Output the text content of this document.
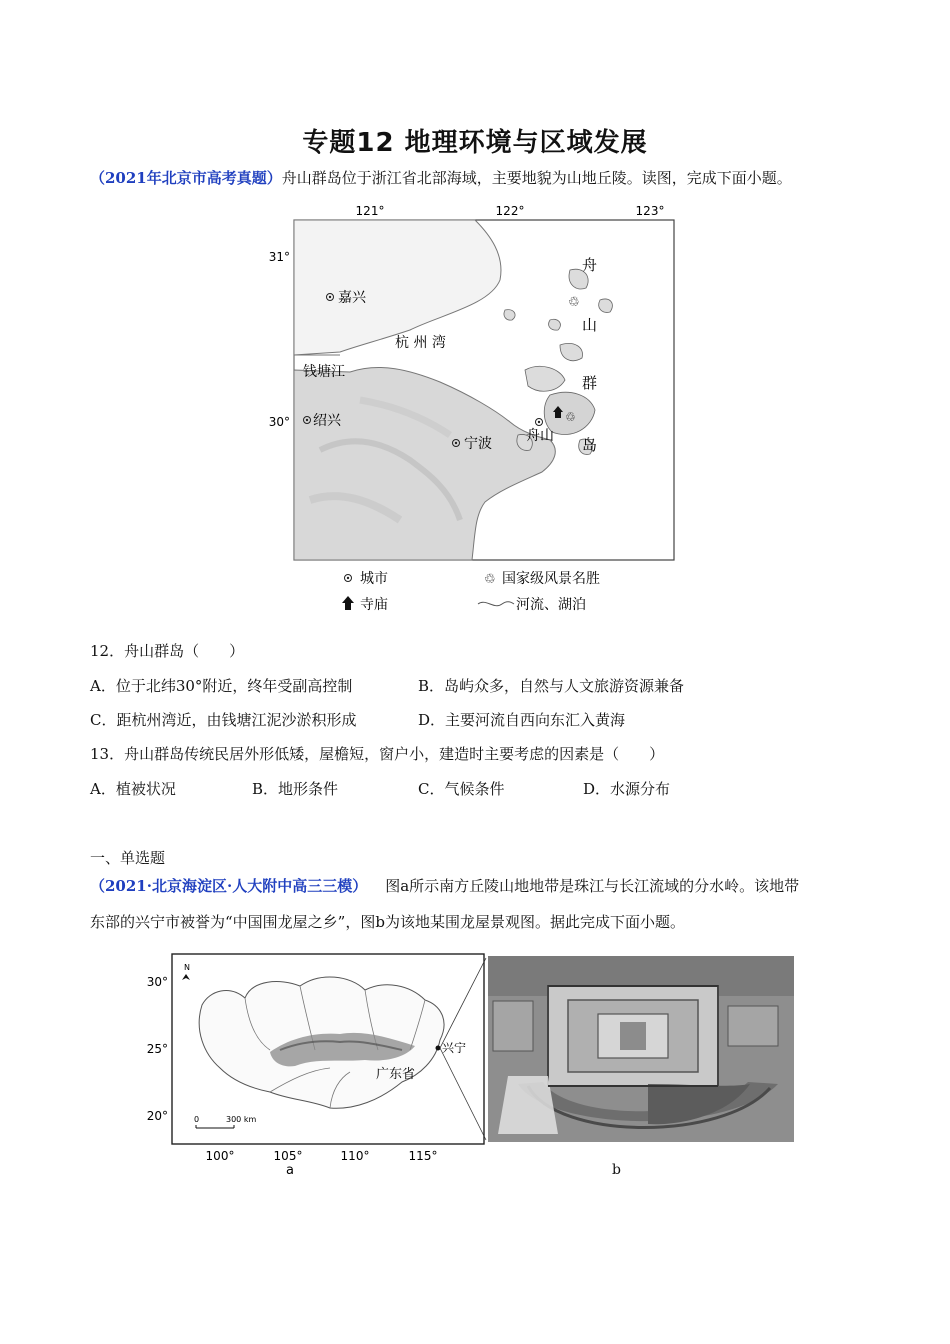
专题12 地理环境与区域发展
（2021年北京市高考真题）舟山群岛位于浙江省北部海域，主要地貌为山地丘陵。读图，完成下面小题。
121°	122°	123°
31°
30°
♲
♲
嘉兴
杭 州 湾
钱塘江
绍兴
宁波 舟山
舟
山
群
岛
城市	♲ 国家级风景名胜
寺庙	河流、湖泊
12．舟山群岛（　　）
A．位于北纬30°附近，终年受副高控制	B．岛屿众多，自然与人文旅游资源兼备
C．距杭州湾近，由钱塘江泥沙淤积形成	D．主要河流自西向东汇入黄海
13．舟山群岛传统民居外形低矮，屋檐短，窗户小，建造时主要考虑的因素是（　　）
A．植被状况	B．地形条件	C．气候条件	D．水源分布
一、单选题
（2021·北京海淀区·人大附中高三三模） 图a所示南方丘陵山地地带是珠江与长江流域的分水岭。该地带
东部的兴宁市被誉为“中国围龙屋之乡”，图b为该地某围龙屋景观图。据此完成下面小题。
N
兴宁
广东省
0	300 km
30°
25°
20°
100°	105°	110°	115°
a	b
